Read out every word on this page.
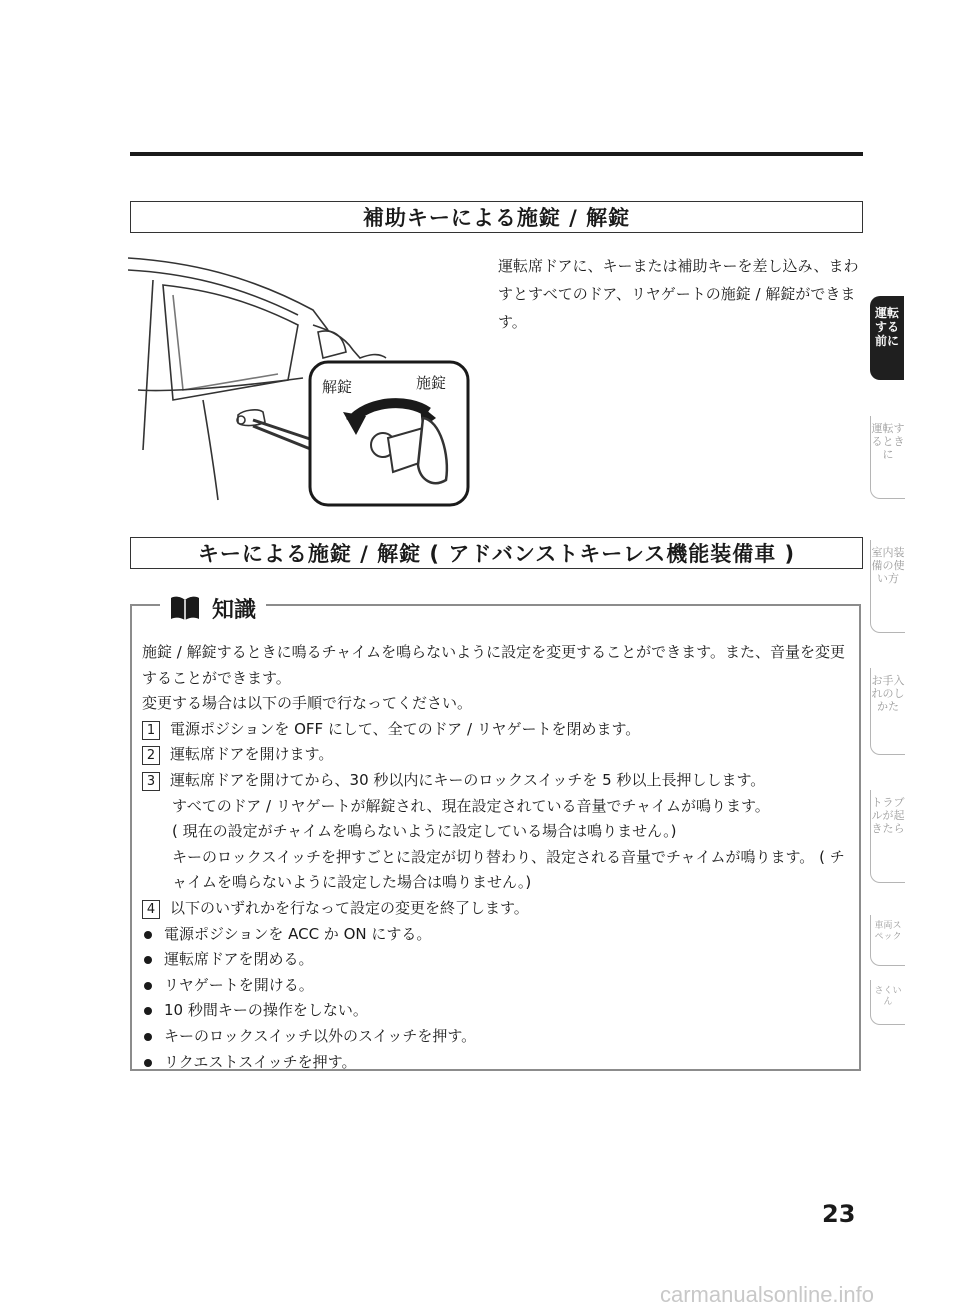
補助キーによる施錠 / 解錠
解錠	施錠
運転席ドアに、キーまたは補助キーを差し込み、まわすとすべてのドア、リヤゲートの施錠 / 解錠ができます。
キーによる施錠 / 解錠 ( アドバンストキーレス機能装備車 )
知識

施錠 / 解錠するときに鳴るチャイムを鳴らないように設定を変更することができます。また、音量を変更することができます。

変更する場合は以下の手順で行なってください。

1 電源ポジションを OFF にして、全てのドア / リヤゲートを閉めます。
2 運転席ドアを開けます。
3 運転席ドアを開けてから、30 秒以内にキーのロックスイッチを 5 秒以上長押しします。

すべてのドア / リヤゲートが解錠され、現在設定されている音量でチャイムが鳴ります。

( 現在の設定がチャイムを鳴らないように設定している場合は鳴りません。)

キーのロックスイッチを押すごとに設定が切り替わり、設定される音量でチャイムが鳴ります。 ( チャイムを鳴らないように設定した場合は鳴りません。)

4 以下のいずれかを行なって設定の変更を終了します。
電源ポジションを ACC か ON にする。
運転席ドアを閉める。
リヤゲートを開ける。
10 秒間キーの操作をしない。
キーのロックスイッチ以外のスイッチを押す。
リクエストスイッチを押す。
運転する前に
運転するときに
室内装備の使い方
お手入れのしかた
トラブルが起きたら
車両スペック
さくいん
23
carmanualsonline.info
